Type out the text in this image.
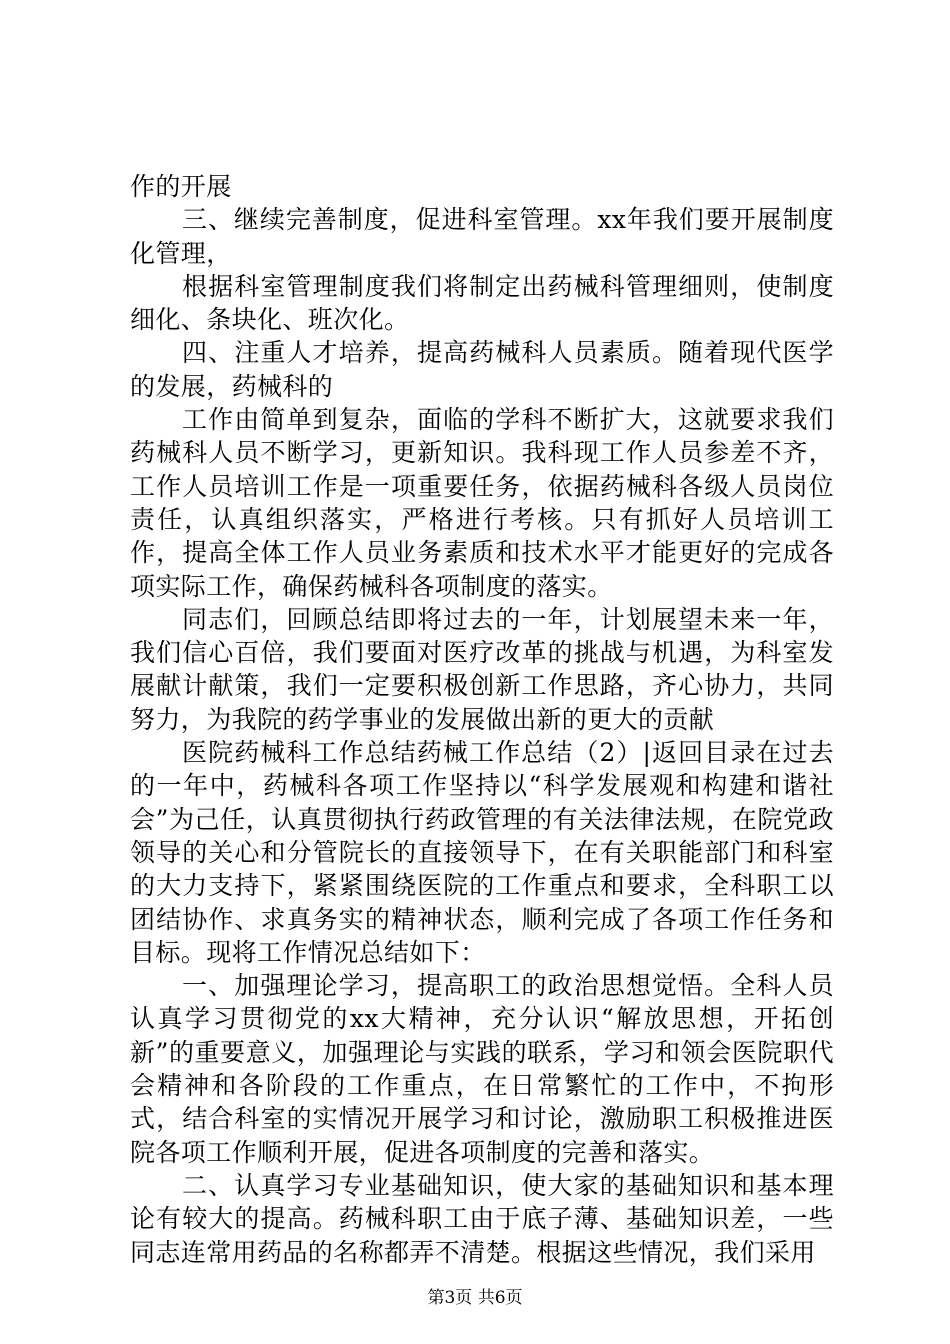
作的开展

三、继续完善制度，促进科室管理。xx年我们要开展制度化管理，

根据科室管理制度我们将制定出药械科管理细则，使制度细化、条块化、班次化。

四、注重人才培养，提高药械科人员素质。随着现代医学的发展，药械科的

工作由简单到复杂，面临的学科不断扩大，这就要求我们药械科人员不断学习，更新知识。我科现工作人员参差不齐，工作人员培训工作是一项重要任务，依据药械科各级人员岗位责任，认真组织落实，严格进行考核。只有抓好人员培训工作，提高全体工作人员业务素质和技术水平才能更好的完成各项实际工作，确保药械科各项制度的落实。

同志们，回顾总结即将过去的一年，计划展望未来一年，我们信心百倍，我们要面对医疗改革的挑战与机遇，为科室发展献计献策，我们一定要积极创新工作思路，齐心协力，共同努力，为我院的药学事业的发展做出新的更大的贡献

医院药械科工作总结药械工作总结（2）|返回目录在过去的一年中，药械科各项工作坚持以“科学发展观和构建和谐社会”为己任，认真贯彻执行药政管理的有关法律法规，在院党政领导的关心和分管院长的直接领导下，在有关职能部门和科室的大力支持下，紧紧围绕医院的工作重点和要求，全科职工以团结协作、求真务实的精神状态，顺利完成了各项工作任务和目标。现将工作情况总结如下：

一、加强理论学习，提高职工的政治思想觉悟。全科人员认真学习贯彻党的xx大精神，充分认识“解放思想，开拓创新”的重要意义，加强理论与实践的联系，学习和领会医院职代会精神和各阶段的工作重点，在日常繁忙的工作中，不拘形式，结合科室的实情况开展学习和讨论，激励职工积极推进医院各项工作顺利开展，促进各项制度的完善和落实。

二、认真学习专业基础知识，使大家的基础知识和基本理论有较大的提高。药械科职工由于底子薄、基础知识差，一些同志连常用药品的名称都弄不清楚。根据这些情况，我们采用

第3页 共6页
